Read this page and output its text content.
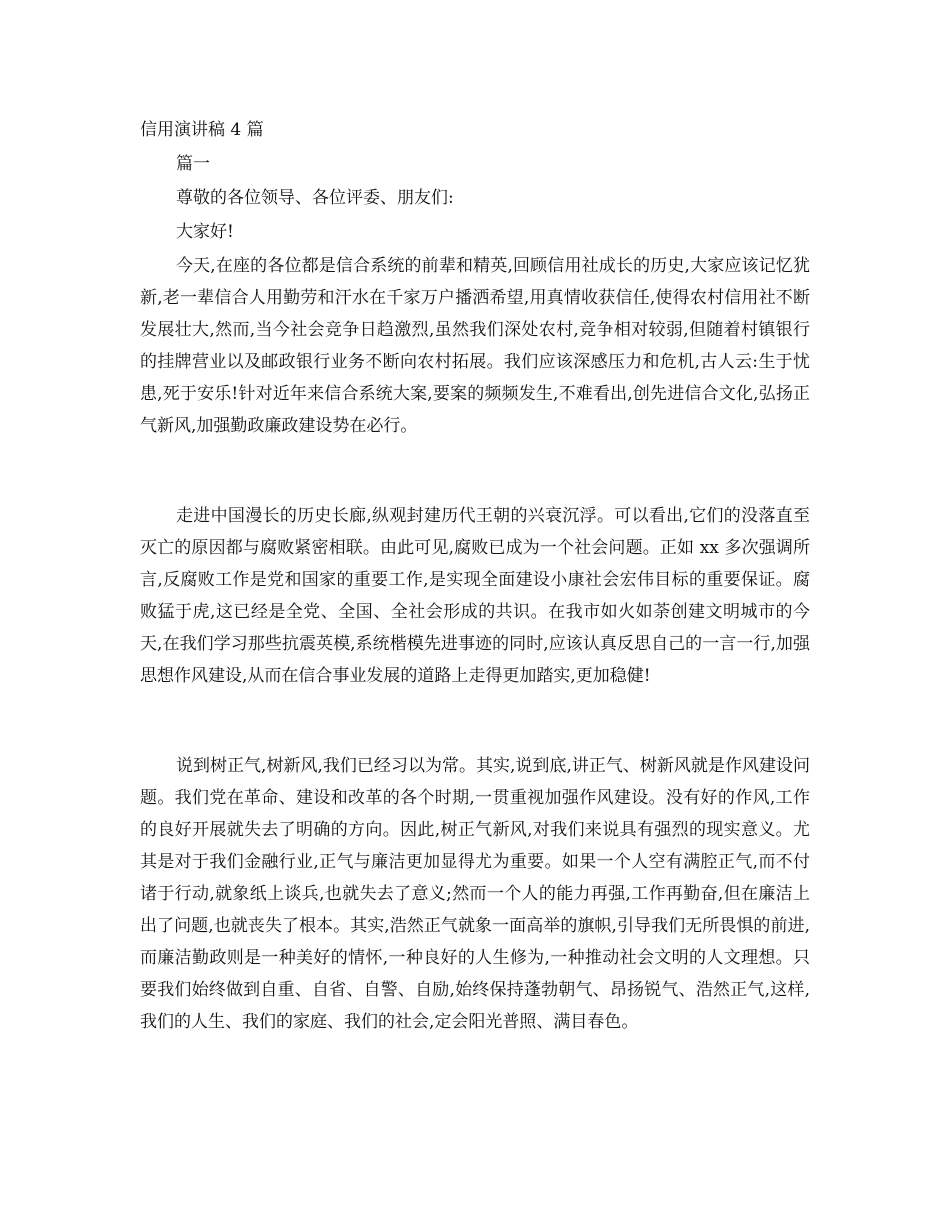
信用演讲稿 4 篇

篇一

尊敬的各位领导、各位评委、朋友们:

大家好!

今天,在座的各位都是信合系统的前辈和精英,回顾信用社成长的历史,大家应该记忆犹新,老一辈信合人用勤劳和汗水在千家万户播洒希望,用真情收获信任,使得农村信用社不断发展壮大,然而,当今社会竞争日趋激烈,虽然我们深处农村,竞争相对较弱,但随着村镇银行的挂牌营业以及邮政银行业务不断向农村拓展。我们应该深感压力和危机,古人云:生于忧患,死于安乐!针对近年来信合系统大案,要案的频频发生,不难看出,创先进信合文化,弘扬正气新风,加强勤政廉政建设势在必行。

走进中国漫长的历史长廊,纵观封建历代王朝的兴衰沉浮。可以看出,它们的没落直至灭亡的原因都与腐败紧密相联。由此可见,腐败已成为一个社会问题。正如 xx 多次强调所言,反腐败工作是党和国家的重要工作,是实现全面建设小康社会宏伟目标的重要保证。腐败猛于虎,这已经是全党、全国、全社会形成的共识。在我市如火如荼创建文明城市的今天,在我们学习那些抗震英模,系统楷模先进事迹的同时,应该认真反思自己的一言一行,加强思想作风建设,从而在信合事业发展的道路上走得更加踏实,更加稳健!

说到树正气,树新风,我们已经习以为常。其实,说到底,讲正气、树新风就是作风建设问题。我们党在革命、建设和改革的各个时期,一贯重视加强作风建设。没有好的作风,工作的良好开展就失去了明确的方向。因此,树正气新风,对我们来说具有强烈的现实意义。尤其是对于我们金融行业,正气与廉洁更加显得尤为重要。如果一个人空有满腔正气,而不付诸于行动,就象纸上谈兵,也就失去了意义;然而一个人的能力再强,工作再勤奋,但在廉洁上出了问题,也就丧失了根本。其实,浩然正气就象一面高举的旗帜,引导我们无所畏惧的前进,而廉洁勤政则是一种美好的情怀,一种良好的人生修为,一种推动社会文明的人文理想。只要我们始终做到自重、自省、自警、自励,始终保持蓬勃朝气、昂扬锐气、浩然正气,这样,我们的人生、我们的家庭、我们的社会,定会阳光普照、满目春色。
